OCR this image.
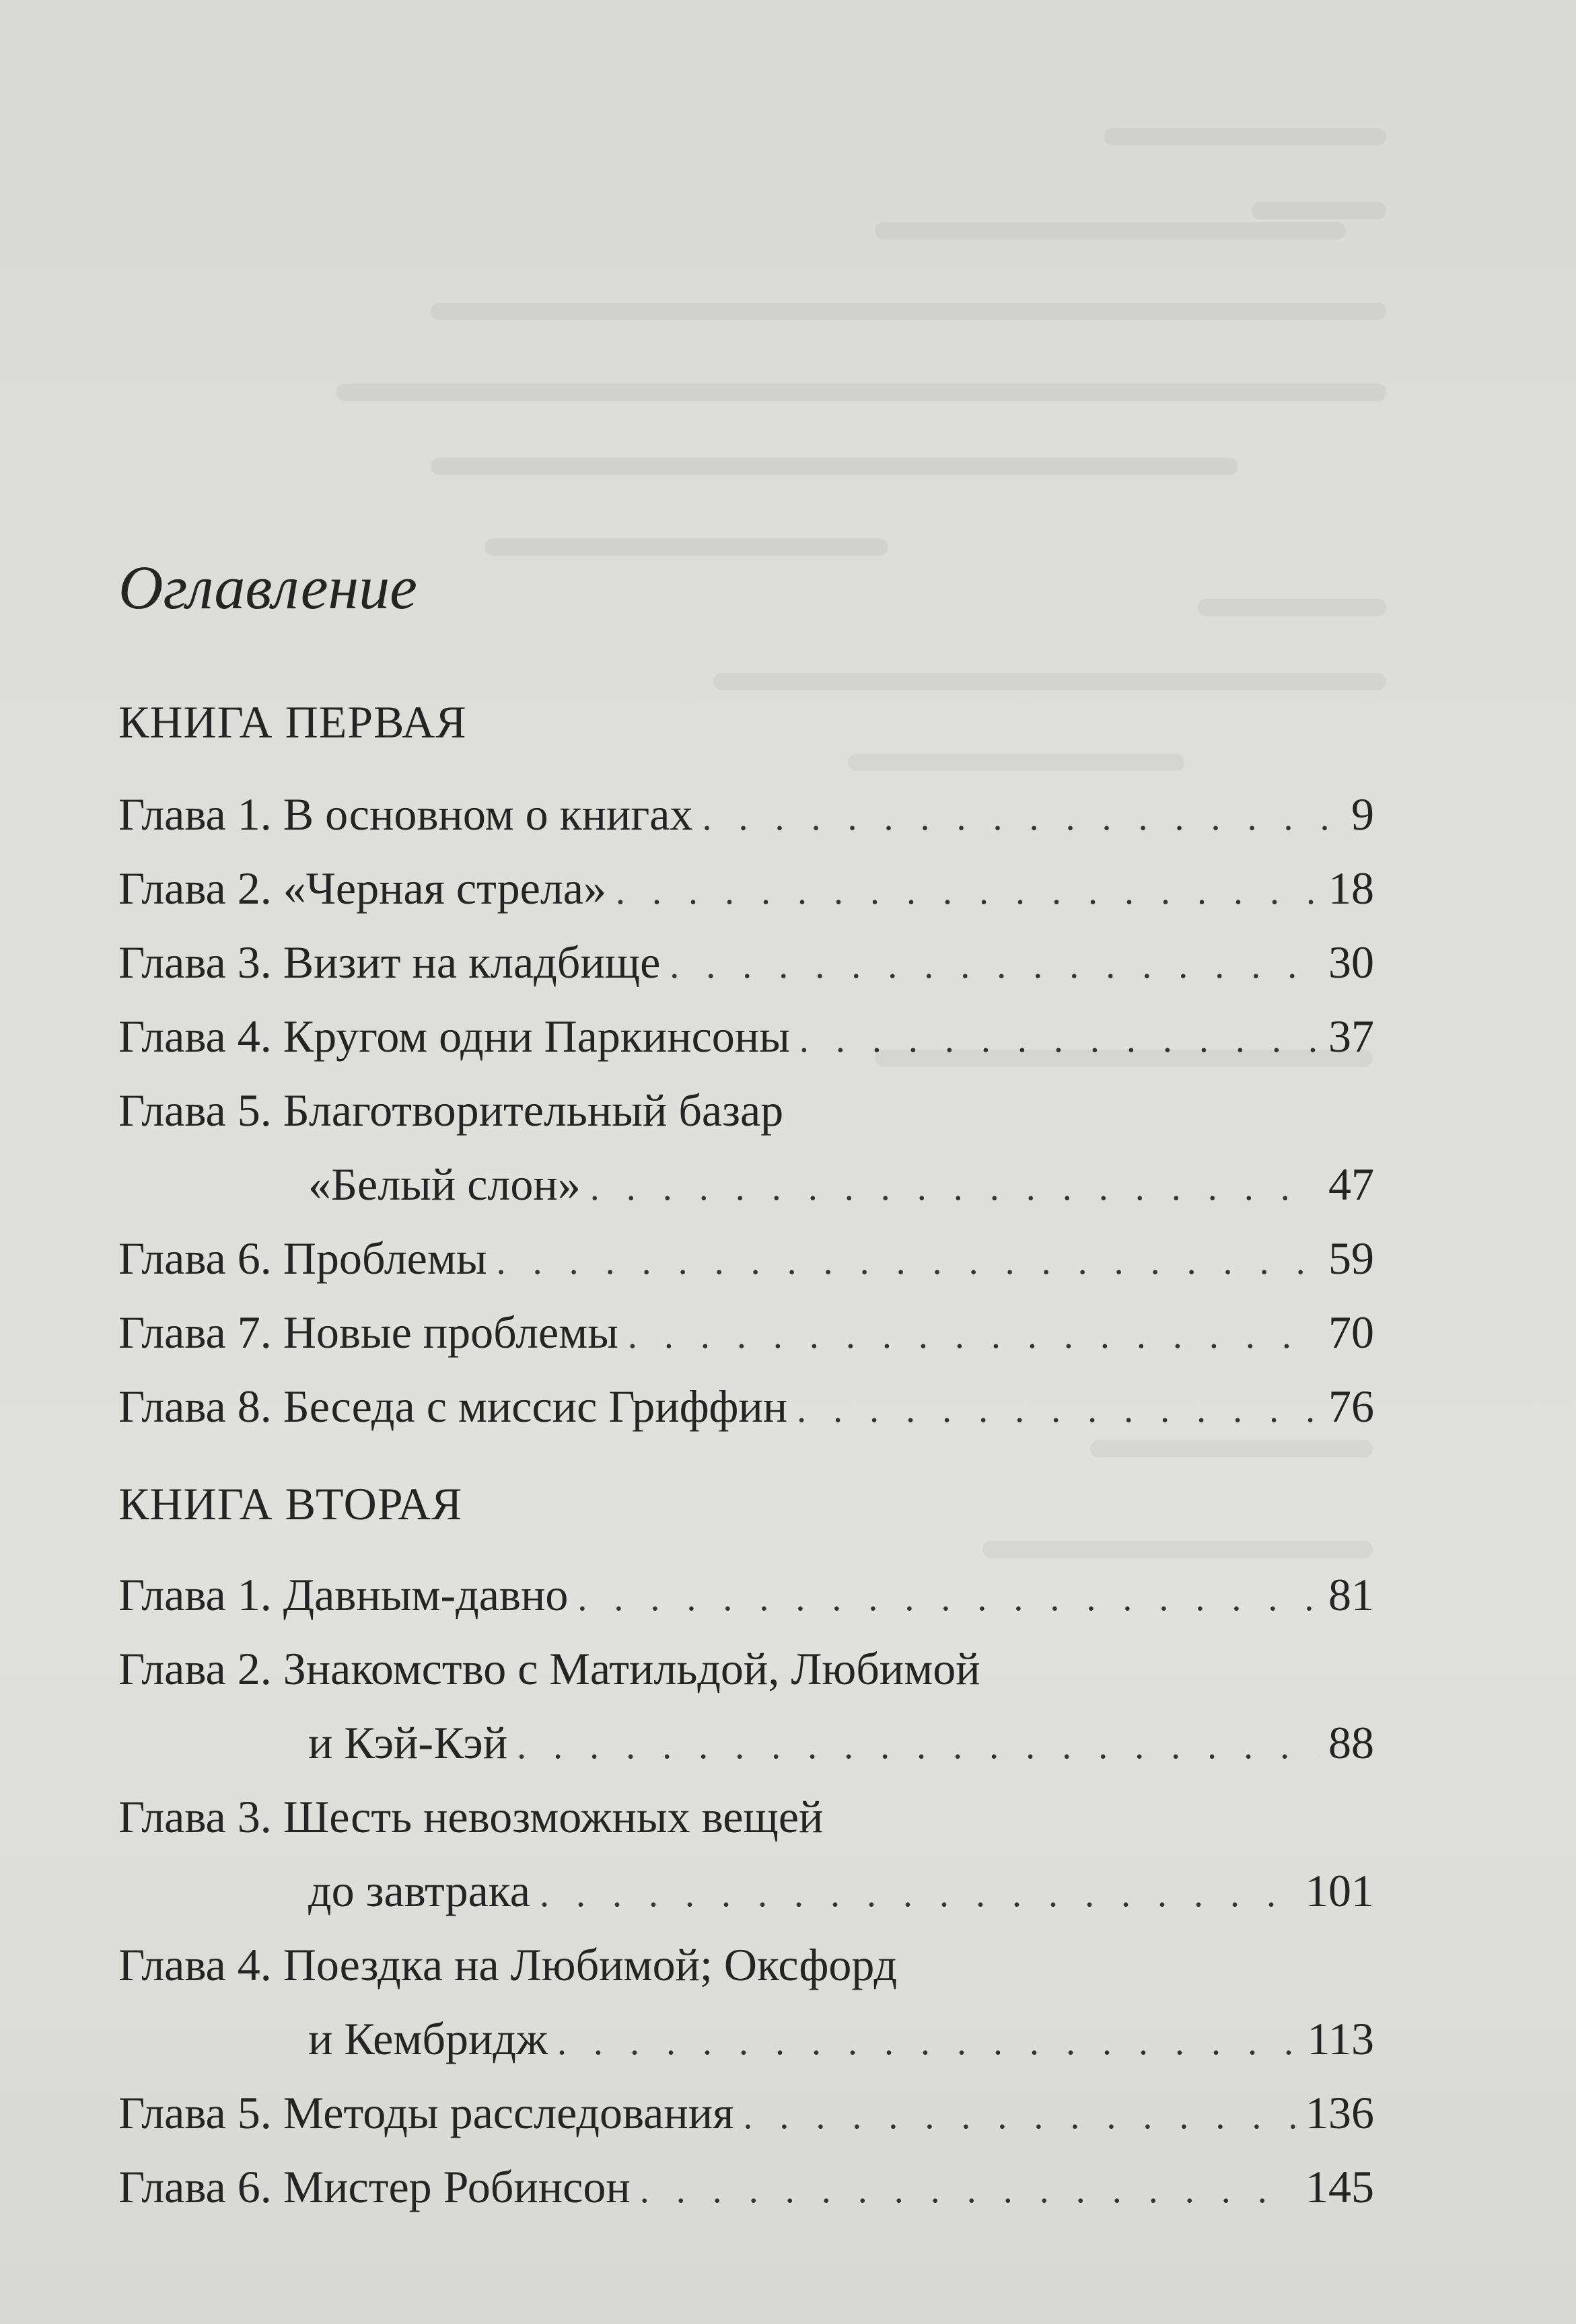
Оглавление
КНИГА ПЕРВАЯ
Глава 1. В основном о книгах . . .	9
Глава 2. «Черная стрела» . . .	18
Глава 3. Визит на кладбище . . .	30
Глава 4. Кругом одни Паркинсоны . . .	37
Глава 5. Благотворительный базар
«Белый слон» . . .	47
Глава 6. Проблемы . . .	59
Глава 7. Новые проблемы . . .	70
Глава 8. Беседа с миссис Гриффин . . .	76
КНИГА ВТОРАЯ
Глава 1. Давным-давно . . .	81
Глава 2. Знакомство с Матильдой, Любимой
и Кэй-Кэй . . .	88
Глава 3. Шесть невозможных вещей
до завтрака . . .	101
Глава 4. Поездка на Любимой; Оксфорд
и Кембридж . . .	113
Глава 5. Методы расследования . . .	136
Глава 6. Мистер Робинсон . . .	145
